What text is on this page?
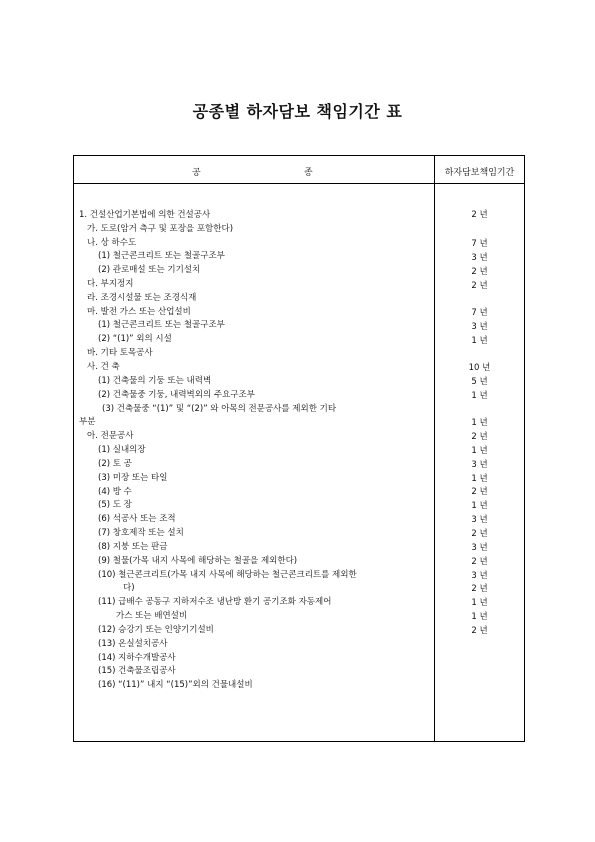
공종별 하자담보 책임기간 표
공	종	하자담보책임기간
1. 건설산업기본법에 의한 건설공사
가. 도로(암거 측구 및 포장을 포함한다)
나. 상 하수도
(1) 철근콘크리트 또는 철골구조부
(2) 관로매설 또는 기기설치
다. 부지정지
라. 조경시설물 또는 조경식재
마. 발전 가스 또는 산업설비
(1) 철근콘크리트 또는 철골구조부
(2) “(1)” 외의 시설
바. 기타 토목공사
사. 건 축
(1) 건축물의 기둥 또는 내력벽
(2) 건축물중 기둥, 내력벽외의 주요구조부
(3) 건축물중 “(1)” 및 “(2)” 와 아목의 전문공사를 제외한 기타
부분
아. 전문공사
(1) 실내의장
(2) 토 공
(3) 미장 또는 타일
(4) 방 수
(5) 도 장
(6) 석공사 또는 조적
(7) 창호제작 또는 설치
(8) 지붕 또는 판금
(9) 철물(가목 내지 사목에 해당하는 철골을 제외한다)
(10) 철근콘크리트(가목 내지 사목에 해당하는 철근콘크리트를 제외한
다)
(11) 급배수 공동구 지하저수조 냉난방 환기 공기조화 자동제어
가스 또는 배연설비
(12) 승강기 또는 인양기기설비
(13) 온실설치공사
(14) 지하수개발공사
(15) 건축물조립공사
(16) “(11)” 내지 “(15)”외의 건물내설비
2 년
7 년
3 년
2 년
2 년
7 년
3 년
1 년
10 년
5 년
1 년
1 년
2 년
1 년
3 년
1 년
2 년
1 년
3 년
2 년
3 년
2 년
3 년
2 년
1 년
1 년
2 년
